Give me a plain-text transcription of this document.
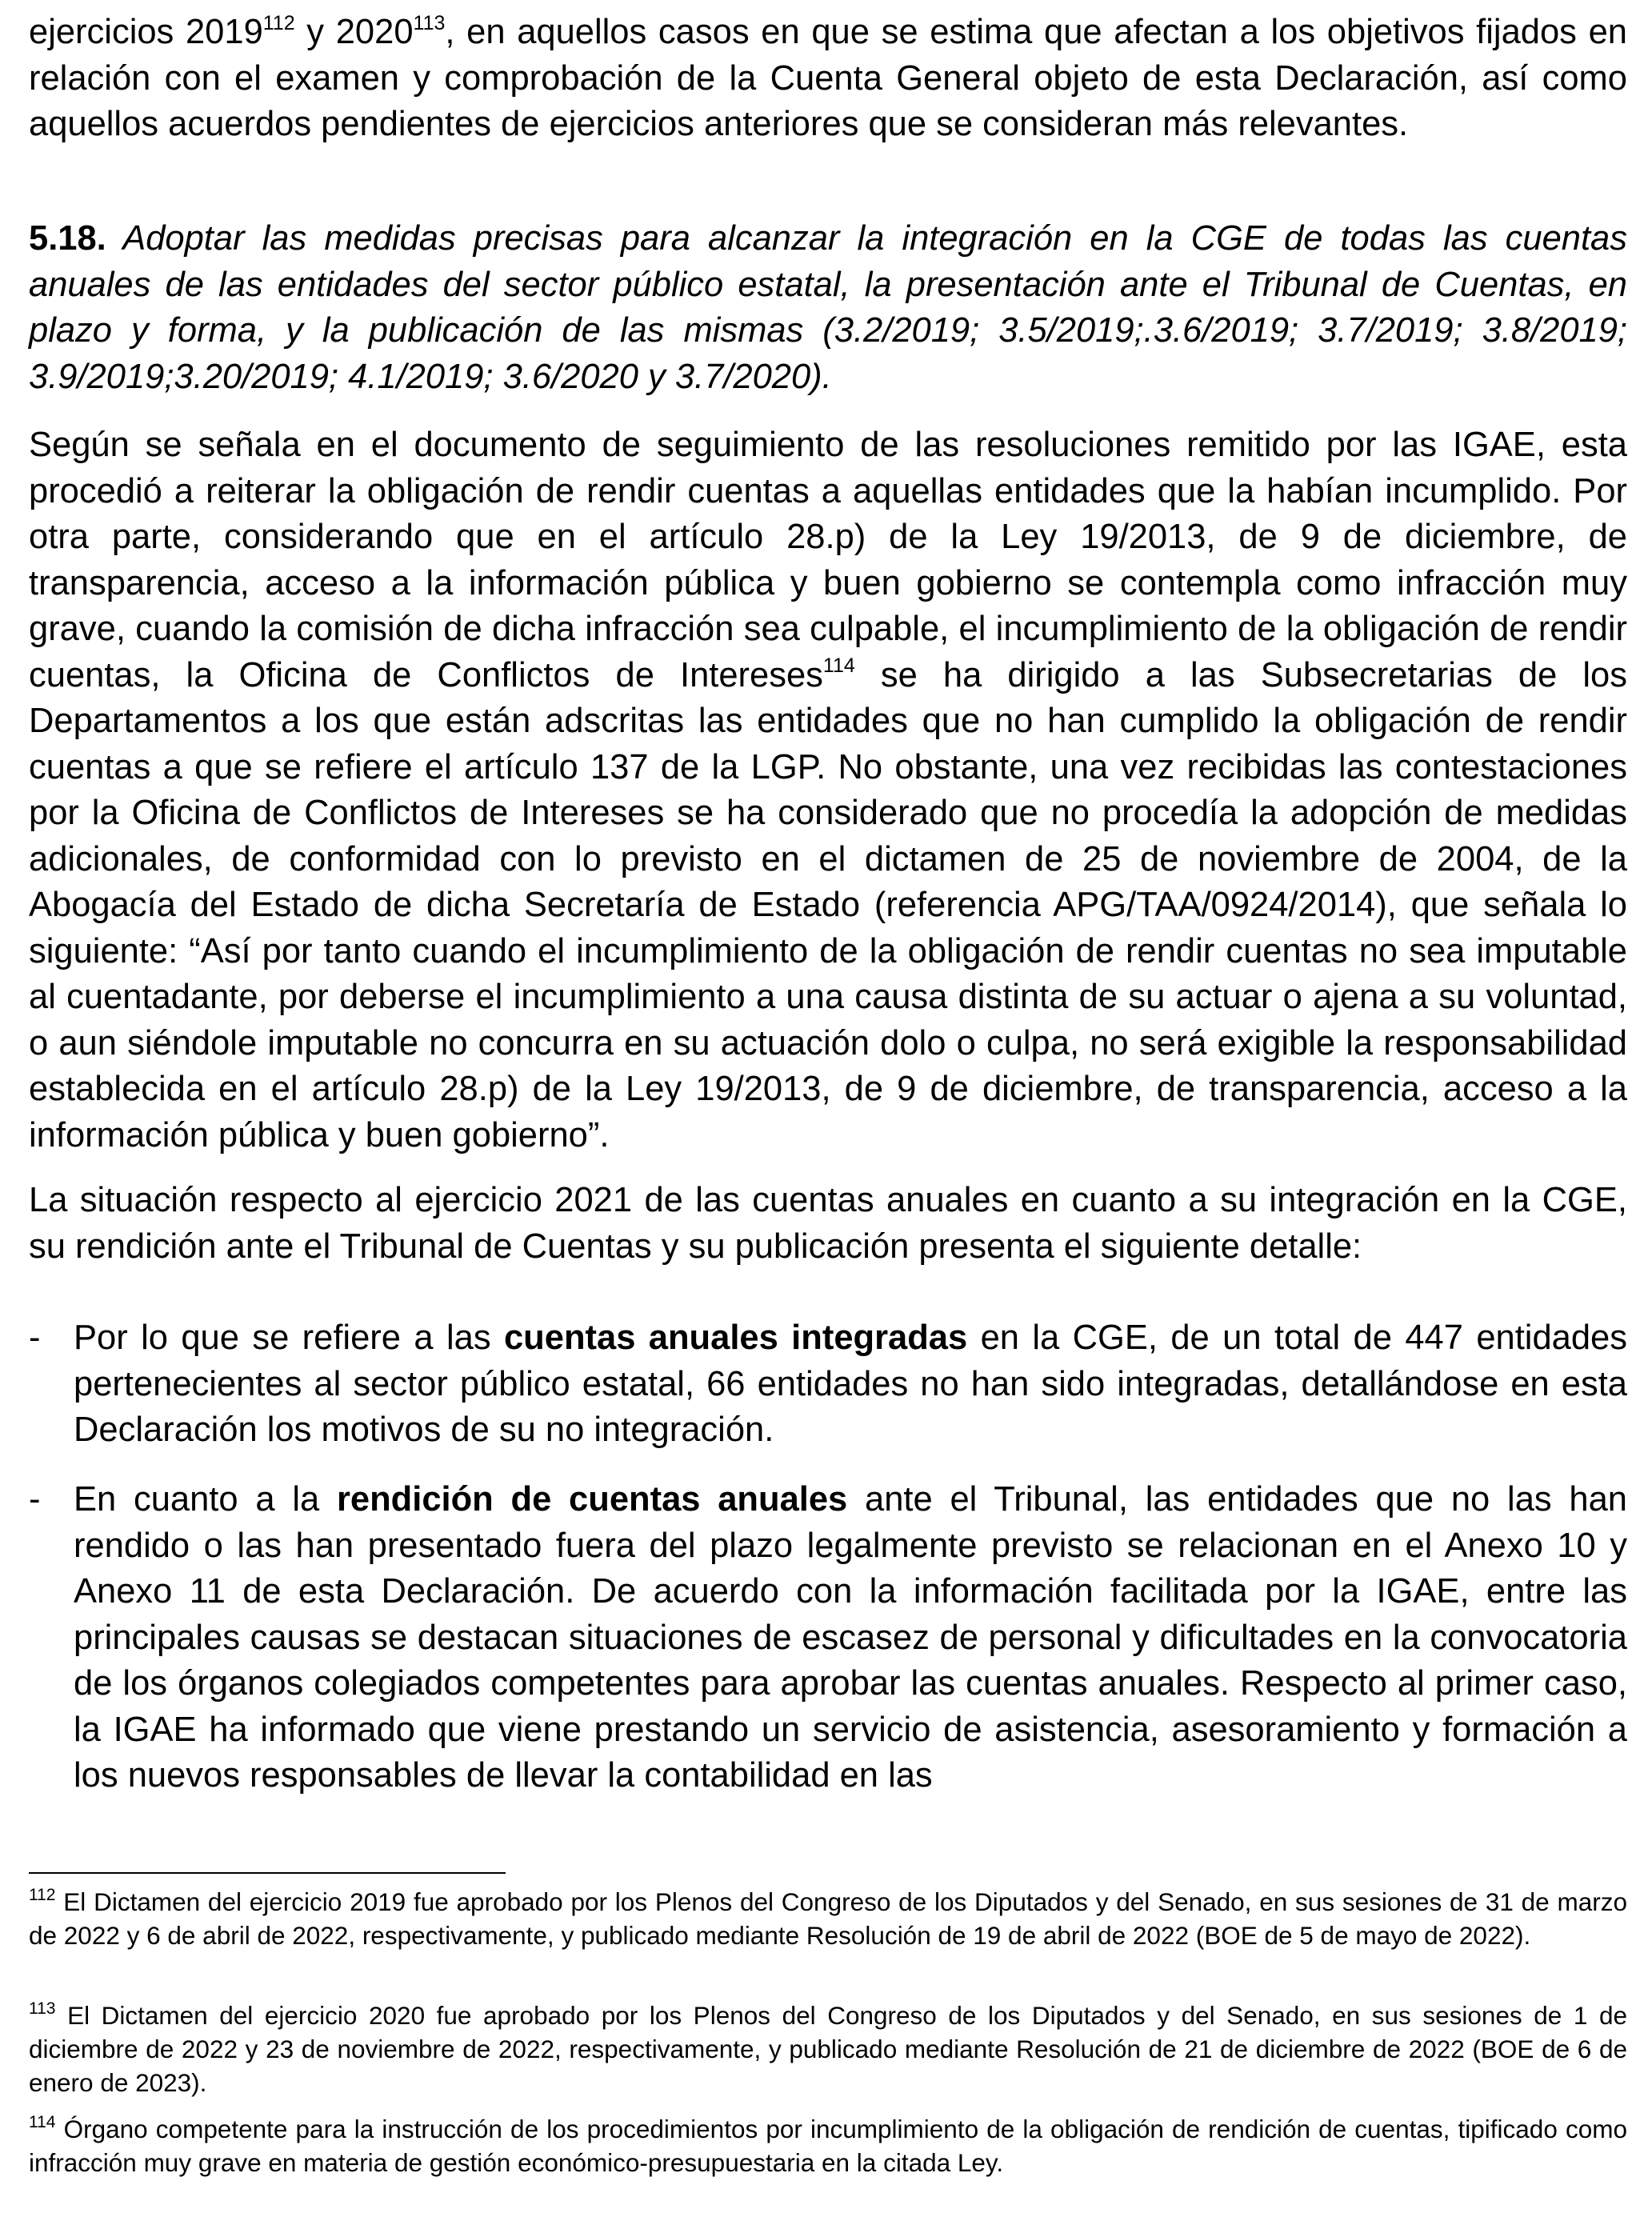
ejercicios 2019$^{112}$ y 2020$^{113}$, en aquellos casos en que se estima que afectan a los objetivos fijados en relación con el examen y comprobación de la Cuenta General objeto de esta Declaración, así como aquellos acuerdos pendientes de ejercicios anteriores que se consideran más relevantes.

5.18. Adoptar las medidas precisas para alcanzar la integración en la CGE de todas las cuentas anuales de las entidades del sector público estatal, la presentación ante el Tribunal de Cuentas, en plazo y forma, y la publicación de las mismas (3.2/2019; 3.5/2019;.3.6/2019; 3.7/2019; 3.8/2019; 3.9/2019;3.20/2019; 4.1/2019; 3.6/2020 y 3.7/2020).

Según se señala en el documento de seguimiento de las resoluciones remitido por las IGAE, esta procedió a reiterar la obligación de rendir cuentas a aquellas entidades que la habían incumplido. Por otra parte, considerando que en el artículo 28.p) de la Ley 19/2013, de 9 de diciembre, de transparencia, acceso a la información pública y buen gobierno se contempla como infracción muy grave, cuando la comisión de dicha infracción sea culpable, el incumplimiento de la obligación de rendir cuentas, la Oficina de Conflictos de Intereses$^{114}$ se ha dirigido a las Subsecretarias de los Departamentos a los que están adscritas las entidades que no han cumplido la obligación de rendir cuentas a que se refiere el artículo 137 de la LGP. No obstante, una vez recibidas las contestaciones por la Oficina de Conflictos de Intereses se ha considerado que no procedía la adopción de medidas adicionales, de conformidad con lo previsto en el dictamen de 25 de noviembre de 2004, de la Abogacía del Estado de dicha Secretaría de Estado (referencia APG/TAA/0924/2014), que señala lo siguiente: “Así por tanto cuando el incumplimiento de la obligación de rendir cuentas no sea imputable al cuentadante, por deberse el incumplimiento a una causa distinta de su actuar o ajena a su voluntad, o aun siéndole imputable no concurra en su actuación dolo o culpa, no será exigible la responsabilidad establecida en el artículo 28.p) de la Ley 19/2013, de 9 de diciembre, de transparencia, acceso a la información pública y buen gobierno”.

La situación respecto al ejercicio 2021 de las cuentas anuales en cuanto a su integración en la CGE, su rendición ante el Tribunal de Cuentas y su publicación presenta el siguiente detalle:

- Por lo que se refiere a las cuentas anuales integradas en la CGE, de un total de 447 entidades pertenecientes al sector público estatal, 66 entidades no han sido integradas, detallándose en esta Declaración los motivos de su no integración.

- En cuanto a la rendición de cuentas anuales ante el Tribunal, las entidades que no las han rendido o las han presentado fuera del plazo legalmente previsto se relacionan en el Anexo 10 y Anexo 11 de esta Declaración. De acuerdo con la información facilitada por la IGAE, entre las principales causas se destacan situaciones de escasez de personal y dificultades en la convocatoria de los órganos colegiados competentes para aprobar las cuentas anuales. Respecto al primer caso, la IGAE ha informado que viene prestando un servicio de asistencia, asesoramiento y formación a los nuevos responsables de llevar la contabilidad en las

$^{112}$ El Dictamen del ejercicio 2019 fue aprobado por los Plenos del Congreso de los Diputados y del Senado, en sus sesiones de 31 de marzo de 2022 y 6 de abril de 2022, respectivamente, y publicado mediante Resolución de 19 de abril de 2022 (BOE de 5 de mayo de 2022).

$^{113}$ El Dictamen del ejercicio 2020 fue aprobado por los Plenos del Congreso de los Diputados y del Senado, en sus sesiones de 1 de diciembre de 2022 y 23 de noviembre de 2022, respectivamente, y publicado mediante Resolución de 21 de diciembre de 2022 (BOE de 6 de enero de 2023).

$^{114}$ Órgano competente para la instrucción de los procedimientos por incumplimiento de la obligación de rendición de cuentas, tipificado como infracción muy grave en materia de gestión económico-presupuestaria en la citada Ley.
